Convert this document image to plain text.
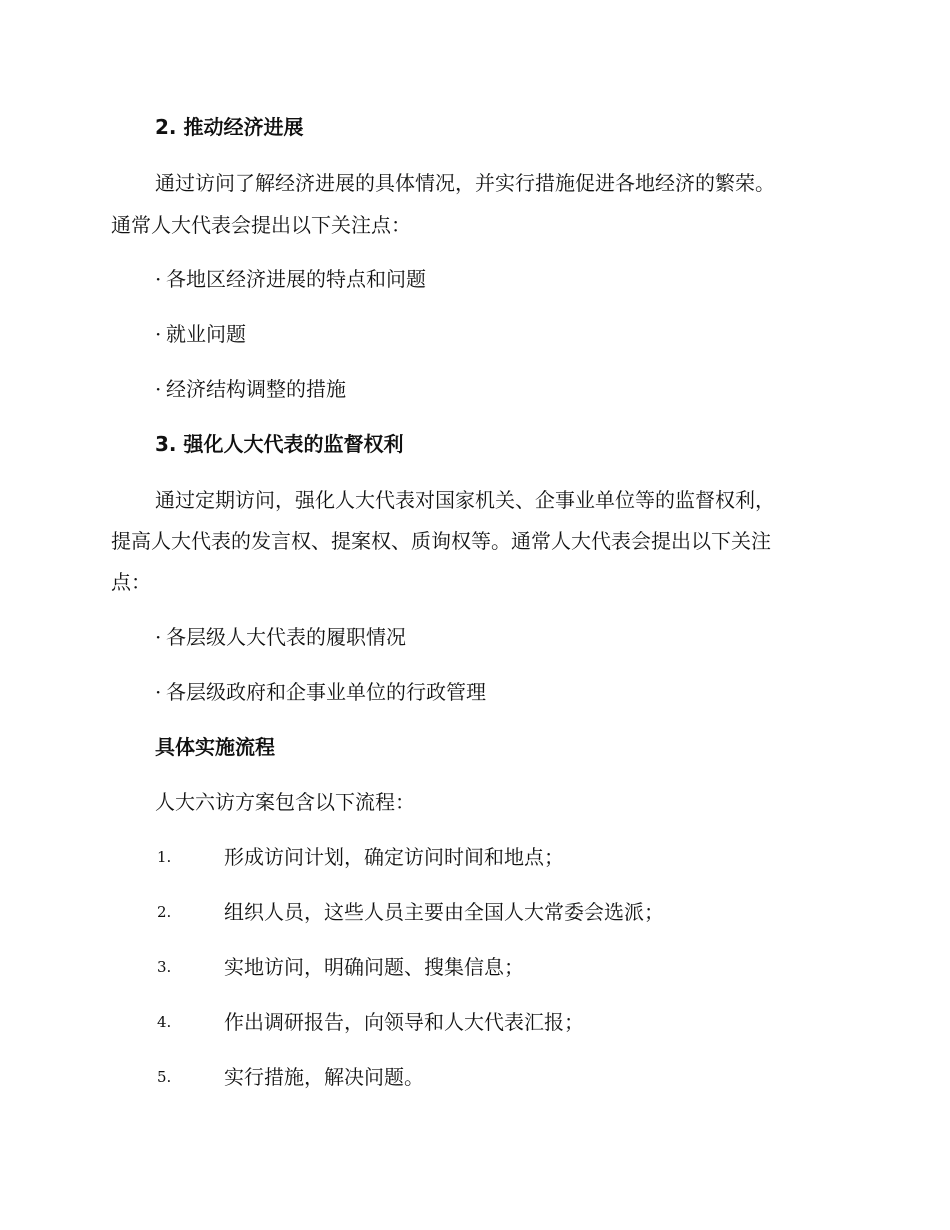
2. 推动经济进展
通过访问了解经济进展的具体情况，并实行措施促进各地经济的繁荣。
通常人大代表会提出以下关注点：
· 各地区经济进展的特点和问题
· 就业问题
· 经济结构调整的措施
3. 强化人大代表的监督权利
通过定期访问，强化人大代表对国家机关、企事业单位等的监督权利，
提高人大代表的发言权、提案权、质询权等。通常人大代表会提出以下关注
点：
· 各层级人大代表的履职情况
· 各层级政府和企事业单位的行政管理
具体实施流程
人大六访方案包含以下流程：
1.	形成访问计划，确定访问时间和地点；
2.	组织人员，这些人员主要由全国人大常委会选派；
3.	实地访问，明确问题、搜集信息；
4.	作出调研报告，向领导和人大代表汇报；
5.	实行措施，解决问题。
